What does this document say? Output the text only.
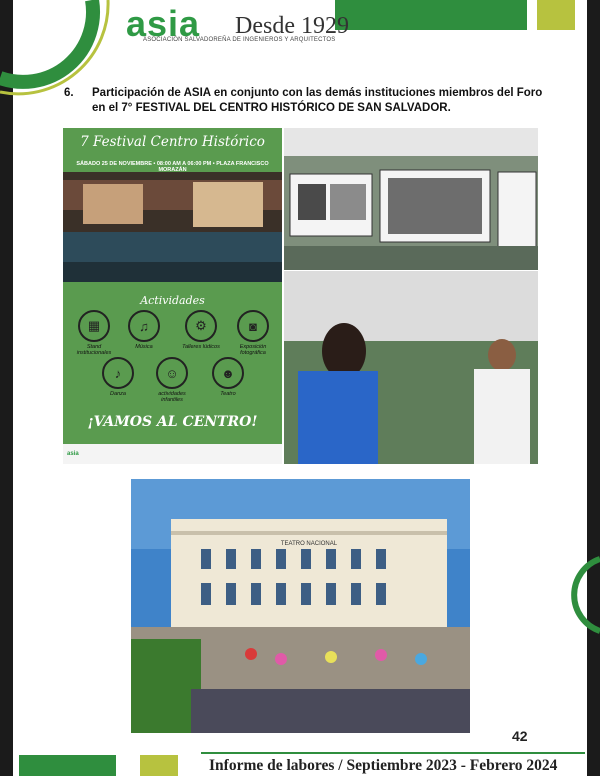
asia Desde 1929
ASOCIACIÓN SALVADOREÑA DE INGENIEROS Y ARQUITECTOS
6. Participación de ASIA en conjunto con las demás instituciones miembros del Foro en el 7° FESTIVAL DEL CENTRO HISTÓRICO DE SAN SALVADOR.
7 Festival Centro Histórico
SÁBADO 25 DE NOVIEMBRE • 08:00 AM A 06:00 PM • PLAZA FRANCISCO MORAZÁN
Actividades
▦
Stand institucionales
♫
Música
⚙
Talleres lúdicos
◙
Exposición fotográfica
♪
Danza
☺
actividades infantiles
☻
Teatro
¡VAMOS AL CENTRO!
asia
TEATRO NACIONAL
42
Informe de labores / Septiembre 2023 - Febrero 2024
